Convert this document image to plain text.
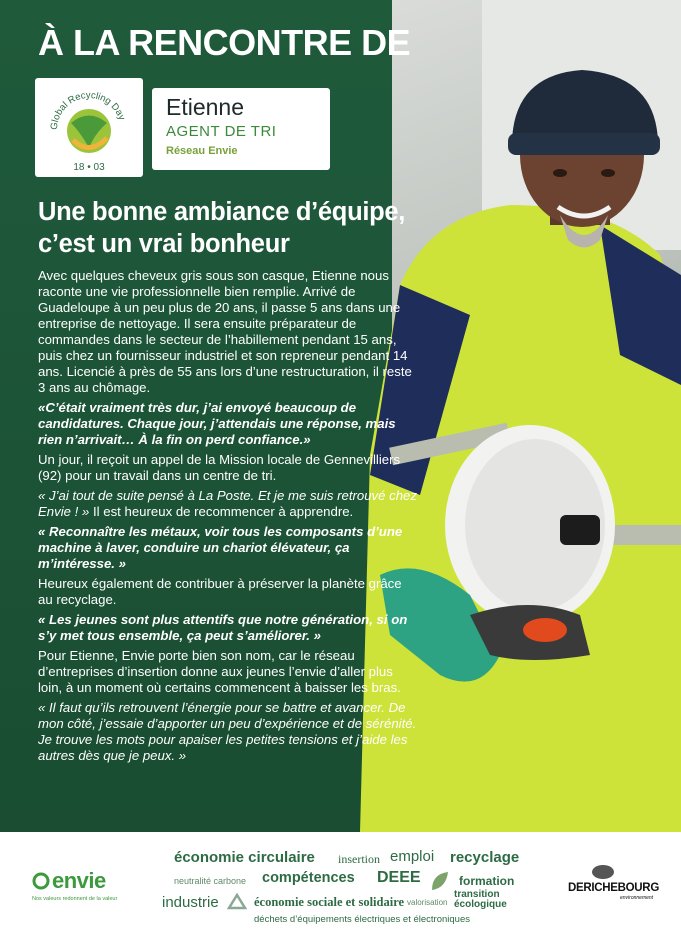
À LA RENCONTRE DE
Global Recycling Day
18 • 03
Etienne
AGENT DE TRI
Réseau Envie
Une bonne ambiance d’équipe,
c’est un vrai bonheur

Avec quelques cheveux gris sous son casque, Etienne nous raconte une vie professionnelle bien remplie. Arrivé de Guadeloupe à un peu plus de 20 ans, il passe 5 ans dans une entreprise de nettoyage. Il sera ensuite préparateur de commandes dans le secteur de l’habillement pendant 15 ans, puis chez un fournisseur industriel et son repreneur pendant 14 ans. Licencié à près de 55 ans lors d’une restructuration, il reste 3 ans au chômage.

«C’était vraiment très dur, j’ai envoyé beaucoup de candidatures. Chaque jour, j’attendais une réponse, mais rien n’arrivait… À la fin on perd confiance.»

Un jour, il reçoit un appel de la Mission locale de Gennevilliers (92) pour un travail dans un centre de tri.

« J’ai tout de suite pensé à La Poste. Et je me suis retrouvé chez Envie ! » Il est heureux de recommencer à apprendre.

« Reconnaître les métaux, voir tous les composants d’une machine à laver, conduire un chariot élévateur, ça m’intéresse. »

Heureux également de contribuer à préserver la planète grâce au recyclage.

« Les jeunes sont plus attentifs que notre génération, si on s’y met tous ensemble, ça peut s’améliorer. »

Pour Etienne, Envie porte bien son nom, car le réseau d’entreprises d’insertion donne aux jeunes l’envie d’aller plus loin, à un moment où certains commencent à baisser les bras.

« Il faut qu’ils retrouvent l’énergie pour se battre et avancer. De mon côté, j’essaie d’apporter un peu d’expérience et de sérénité. Je trouve les mots pour apaiser les petites tensions et j’aide les autres dès que je peux. »

envie
Nos valeurs redonnent de la valeur
économie circulaire insertion emploi recyclage
neutralité carbone compétences DEEE	formation
industrie	économie sociale et solidaire valorisation
transition écologique
déchets d’équipements électriques et électroniques
DERICHEBOURG
environnement
